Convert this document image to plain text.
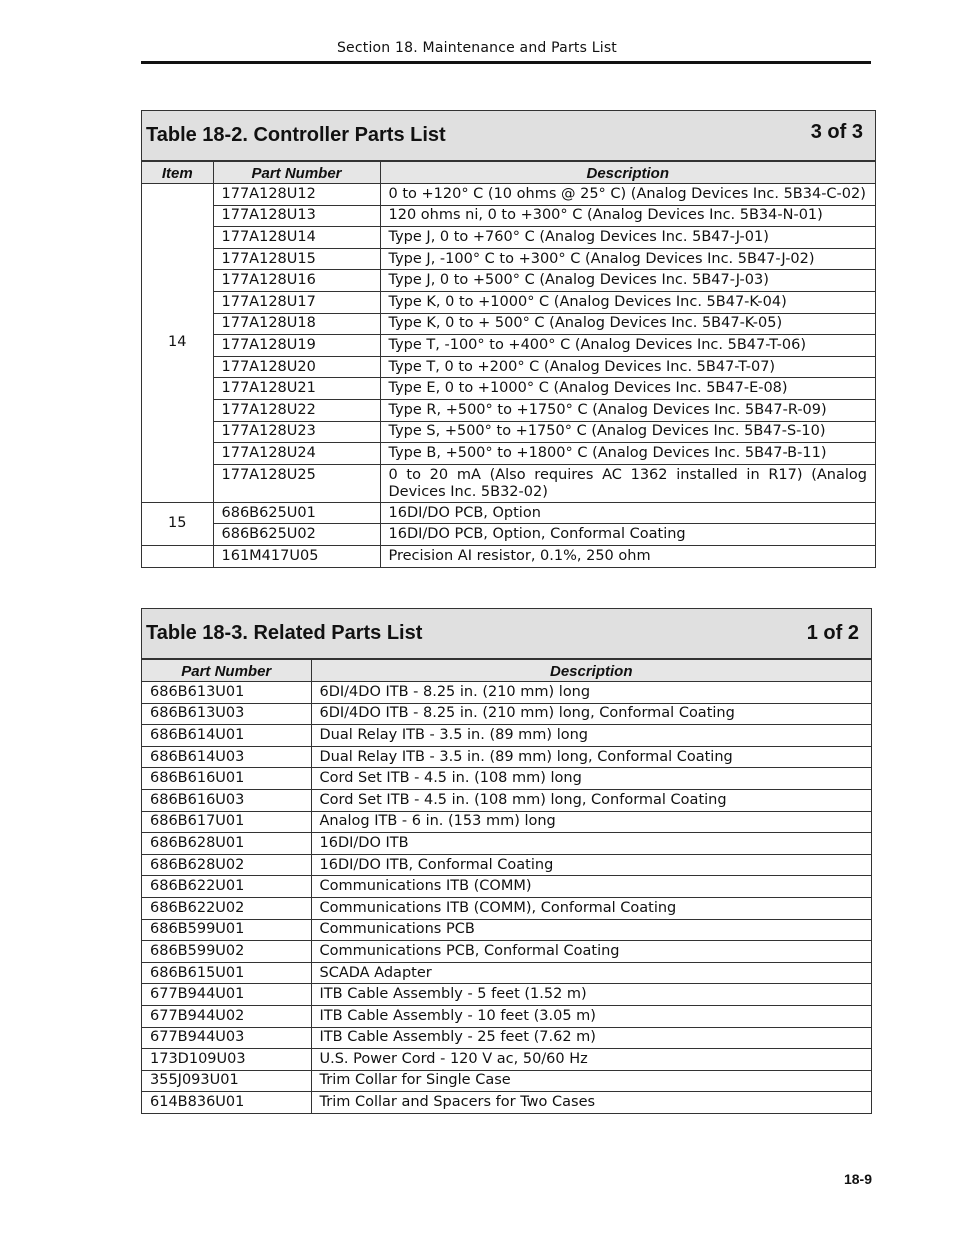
Section 18. Maintenance and Parts List
Table 18-2. Controller Parts List	3 of 3
Item	Part Number	Description
14	177A128U12	0 to +120° C (10 ohms @ 25° C) (Analog Devices Inc. 5B34-C-02)
	177A128U13	120 ohms ni, 0 to +300° C (Analog Devices Inc. 5B34-N-01)
	177A128U14	Type J, 0 to +760° C (Analog Devices Inc. 5B47-J-01)
	177A128U15	Type J, -100° C to +300° C (Analog Devices Inc. 5B47-J-02)
	177A128U16	Type J, 0 to +500° C (Analog Devices Inc. 5B47-J-03)
	177A128U17	Type K, 0 to +1000° C (Analog Devices Inc. 5B47-K-04)
	177A128U18	Type K, 0 to + 500° C (Analog Devices Inc. 5B47-K-05)
	177A128U19	Type T, -100° to +400° C (Analog Devices Inc. 5B47-T-06)
	177A128U20	Type T, 0 to +200° C (Analog Devices Inc. 5B47-T-07)
	177A128U21	Type E, 0 to +1000° C (Analog Devices Inc. 5B47-E-08)
	177A128U22	Type R, +500° to +1750° C (Analog Devices Inc. 5B47-R-09)
	177A128U23	Type S, +500° to +1750° C (Analog Devices Inc. 5B47-S-10)
	177A128U24	Type B, +500° to +1800° C (Analog Devices Inc. 5B47-B-11)
	177A128U25	0 to 20 mA (Also requires AC 1362 installed in R17) (Analog Devices Inc. 5B32-02)
15	686B625U01	16DI/DO PCB, Option
	686B625U02	16DI/DO PCB, Option, Conformal Coating
	161M417U05	Precision AI resistor, 0.1%, 250 ohm
Table 18-3. Related Parts List	1 of 2
Part Number	Description
686B613U01	6DI/4DO ITB - 8.25 in. (210 mm) long
686B613U03	6DI/4DO ITB - 8.25 in. (210 mm) long, Conformal Coating
686B614U01	Dual Relay ITB - 3.5 in. (89 mm) long
686B614U03	Dual Relay ITB - 3.5 in. (89 mm) long, Conformal Coating
686B616U01	Cord Set ITB - 4.5 in. (108 mm) long
686B616U03	Cord Set ITB - 4.5 in. (108 mm) long, Conformal Coating
686B617U01	Analog ITB - 6 in. (153 mm) long
686B628U01	16DI/DO ITB
686B628U02	16DI/DO ITB, Conformal Coating
686B622U01	Communications ITB (COMM)
686B622U02	Communications ITB (COMM), Conformal Coating
686B599U01	Communications PCB
686B599U02	Communications PCB, Conformal Coating
686B615U01	SCADA Adapter
677B944U01	ITB Cable Assembly - 5 feet (1.52 m)
677B944U02	ITB Cable Assembly - 10 feet (3.05 m)
677B944U03	ITB Cable Assembly - 25 feet (7.62 m)
173D109U03	U.S. Power Cord - 120 V ac, 50/60 Hz
355J093U01	Trim Collar for Single Case
614B836U01	Trim Collar and Spacers for Two Cases
18-9
